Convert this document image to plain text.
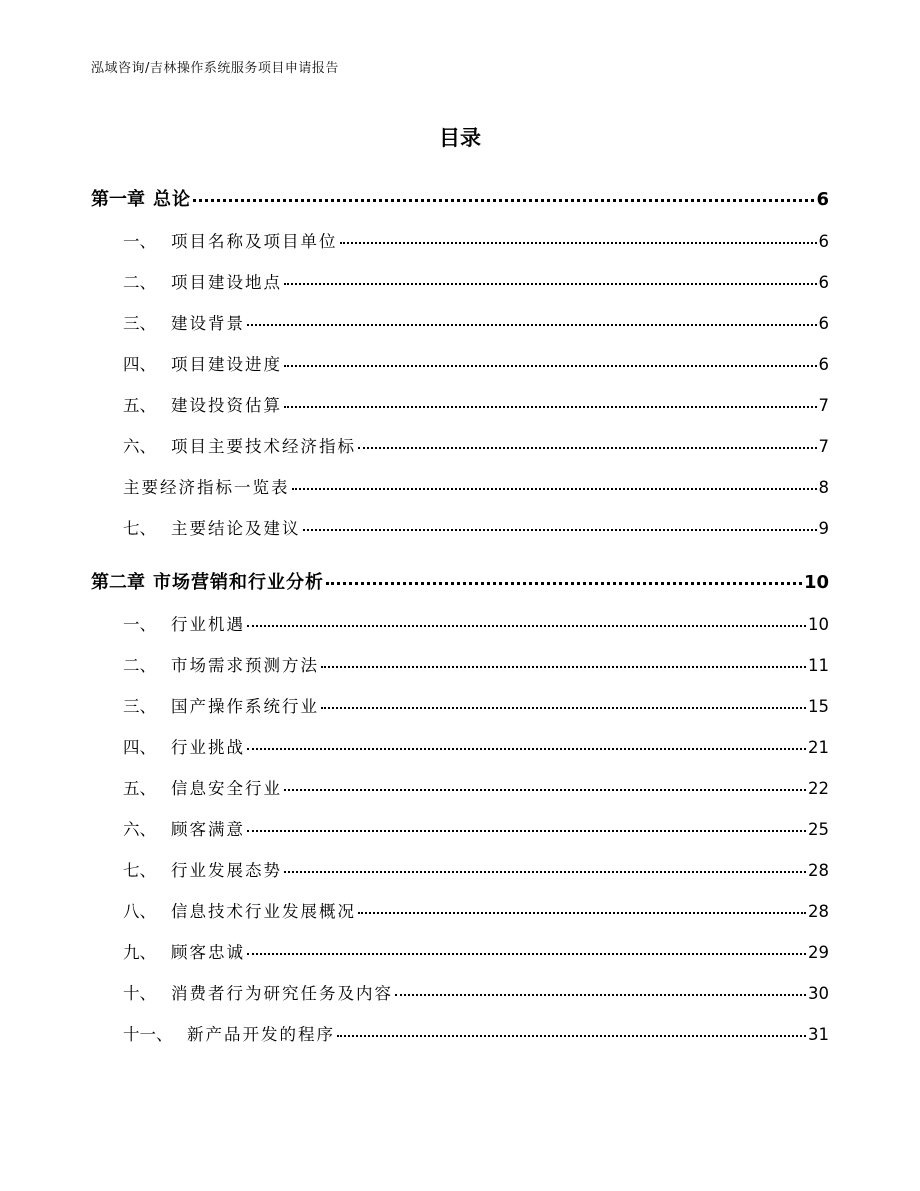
泓域咨询/吉林操作系统服务项目申请报告
目录
第一章 总论	6
一、 项目名称及项目单位	6
二、 项目建设地点	6
三、 建设背景	6
四、 项目建设进度	6
五、 建设投资估算	7
六、 项目主要技术经济指标	7
主要经济指标一览表	8
七、 主要结论及建议	9
第二章 市场营销和行业分析	10
一、 行业机遇	10
二、 市场需求预测方法	11
三、 国产操作系统行业	15
四、 行业挑战	21
五、 信息安全行业	22
六、 顾客满意	25
七、 行业发展态势	28
八、 信息技术行业发展概况	28
九、 顾客忠诚	29
十、 消费者行为研究任务及内容	30
十一、 新产品开发的程序	31
